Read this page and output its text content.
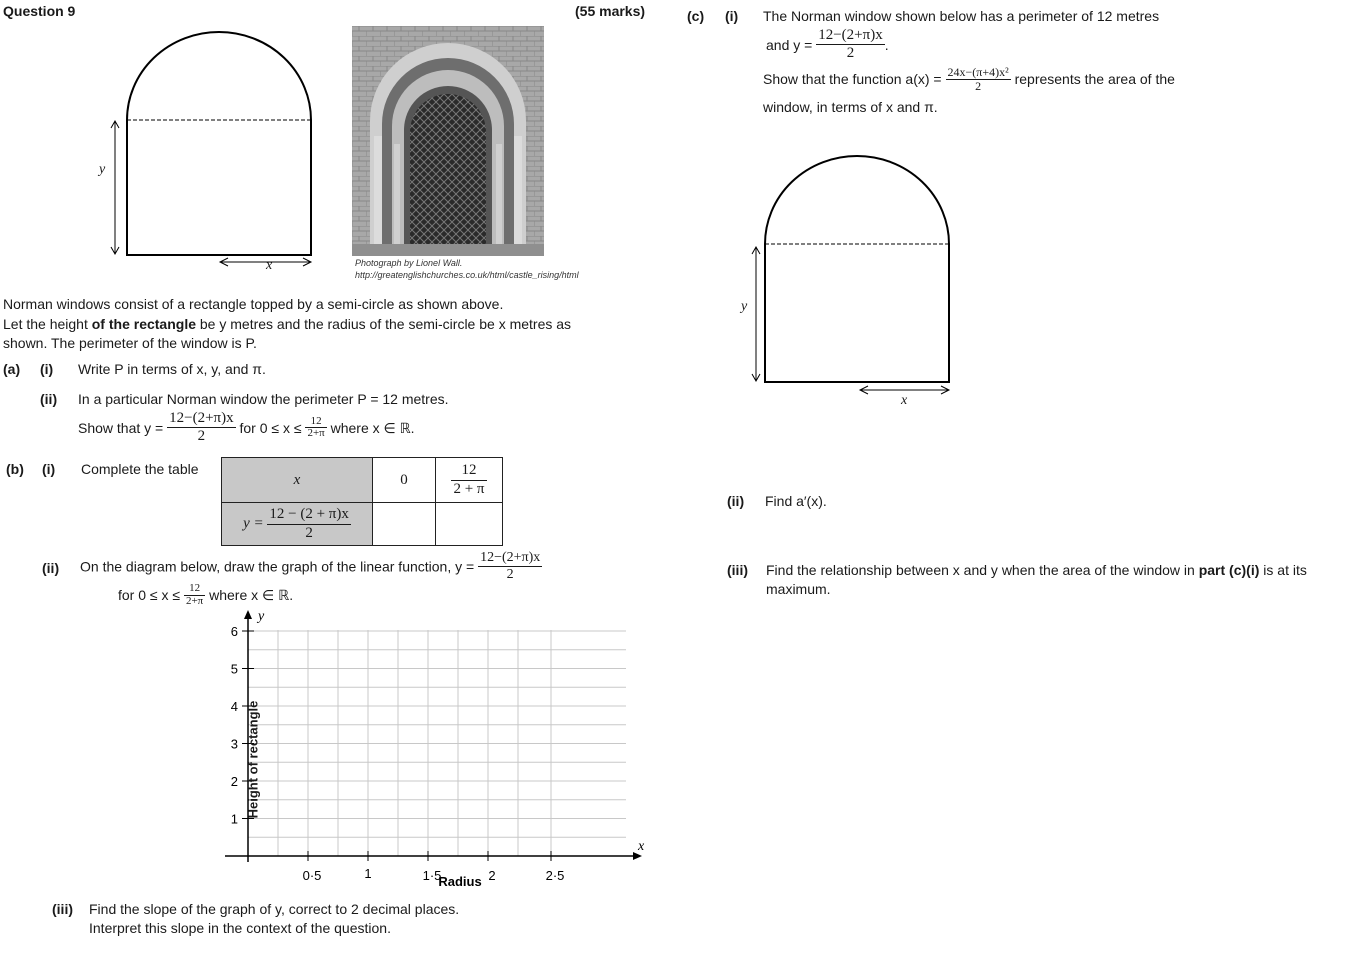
Question 9	(55 marks)
y
x	Photograph by Lionel Wall.
http://greatenglishchurches.co.uk/html/castle_rising/html
Norman windows consist of a rectangle topped by a semi-circle as shown above.
Let the height of the rectangle be y metres and the radius of the semi-circle be x metres as
shown. The perimeter of the window is P.
(a) (i) Write P in terms of x, y, and π.
(ii) In a particular Norman window the perimeter P = 12 metres.
Show that $y = \frac{12-(2+\pi)x}{2}$ for $0 \le x \le \frac{12}{2+\pi}$ where x ∈ ℝ.
(b) (i) Complete the table
x	0	$\frac{12}{2 + \pi}$

$y = \frac{12 - (2 + \pi)x}{2}$

(ii) On the diagram below, draw the graph of the linear function, $y = \frac{12-(2+\pi)x}{2}$
for $0 \le x \le \frac{12}{2+\pi}$ where x ∈ ℝ.
0·5	1	1·5	2	2·5
1
2
3
4
5
6
x
y
Radius
Height of rectangle
(iii) Find the slope of the graph of y, correct to 2 decimal places.
Interpret this slope in the context of the question.
(c) (i) The Norman window shown below has a perimeter of 12 metres
and $y = \frac{12-(2+\pi)x}{2}$ .
Show that the function $a(x) = \frac{\text{24x−(π+4)x²}}{2}$ represents the area of the
window, in terms of x and π.
y
x
(ii) Find a′(x).
(iii) Find the relationship between x and y when the area of the window in part (c)(i) is at its
maximum.
